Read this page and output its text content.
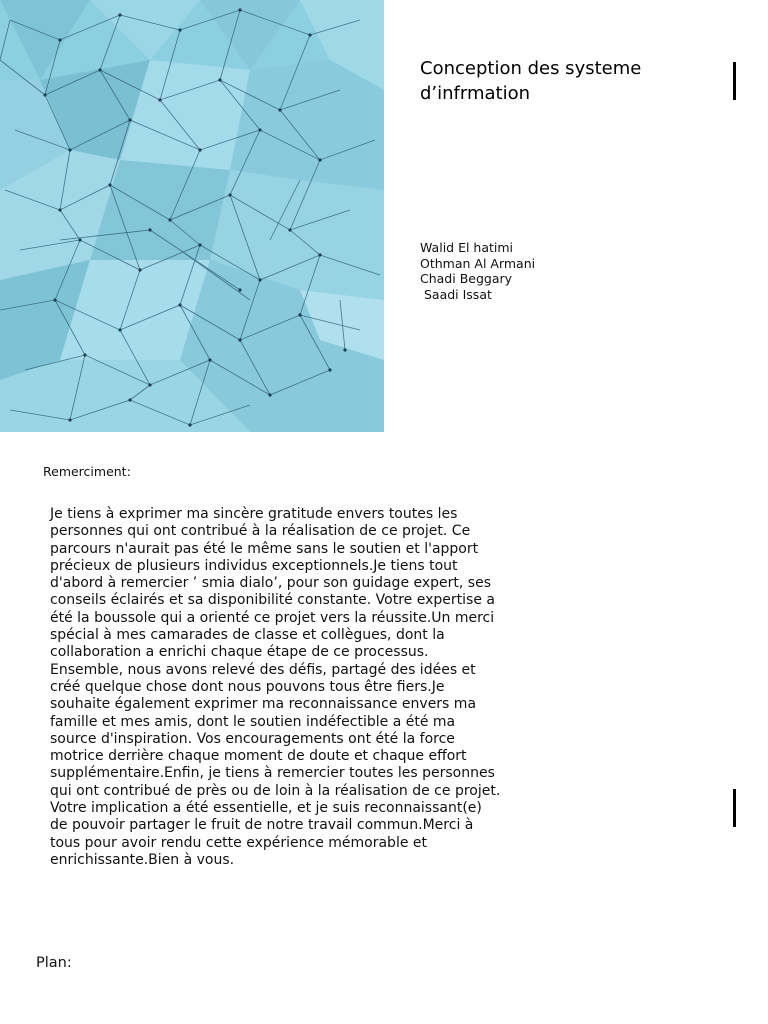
Conception des systeme d’infrmation
Walid El hatimi
Othman Al Armani
Chadi Beggary
Saadi Issat
Remerciment:
Je tiens à exprimer ma sincère gratitude envers toutes les personnes qui ont contribué à la réalisation de ce projet. Ce parcours n'aurait pas été le même sans le soutien et l'apport précieux de plusieurs individus exceptionnels.Je tiens tout d'abord à remercier ’ smia dialo’, pour son guidage expert, ses conseils éclairés et sa disponibilité constante. Votre expertise a été la boussole qui a orienté ce projet vers la réussite.Un merci spécial à mes camarades de classe et collègues, dont la collaboration a enrichi chaque étape de ce processus. Ensemble, nous avons relevé des défis, partagé des idées et créé quelque chose dont nous pouvons tous être fiers.Je souhaite également exprimer ma reconnaissance envers ma famille et mes amis, dont le soutien indéfectible a été ma source d'inspiration. Vos encouragements ont été la force motrice derrière chaque moment de doute et chaque effort supplémentaire.Enfin, je tiens à remercier toutes les personnes qui ont contribué de près ou de loin à la réalisation de ce projet. Votre implication a été essentielle, et je suis reconnaissant(e) de pouvoir partager le fruit de notre travail commun.Merci à tous pour avoir rendu cette expérience mémorable et enrichissante.Bien à vous.
Plan:
